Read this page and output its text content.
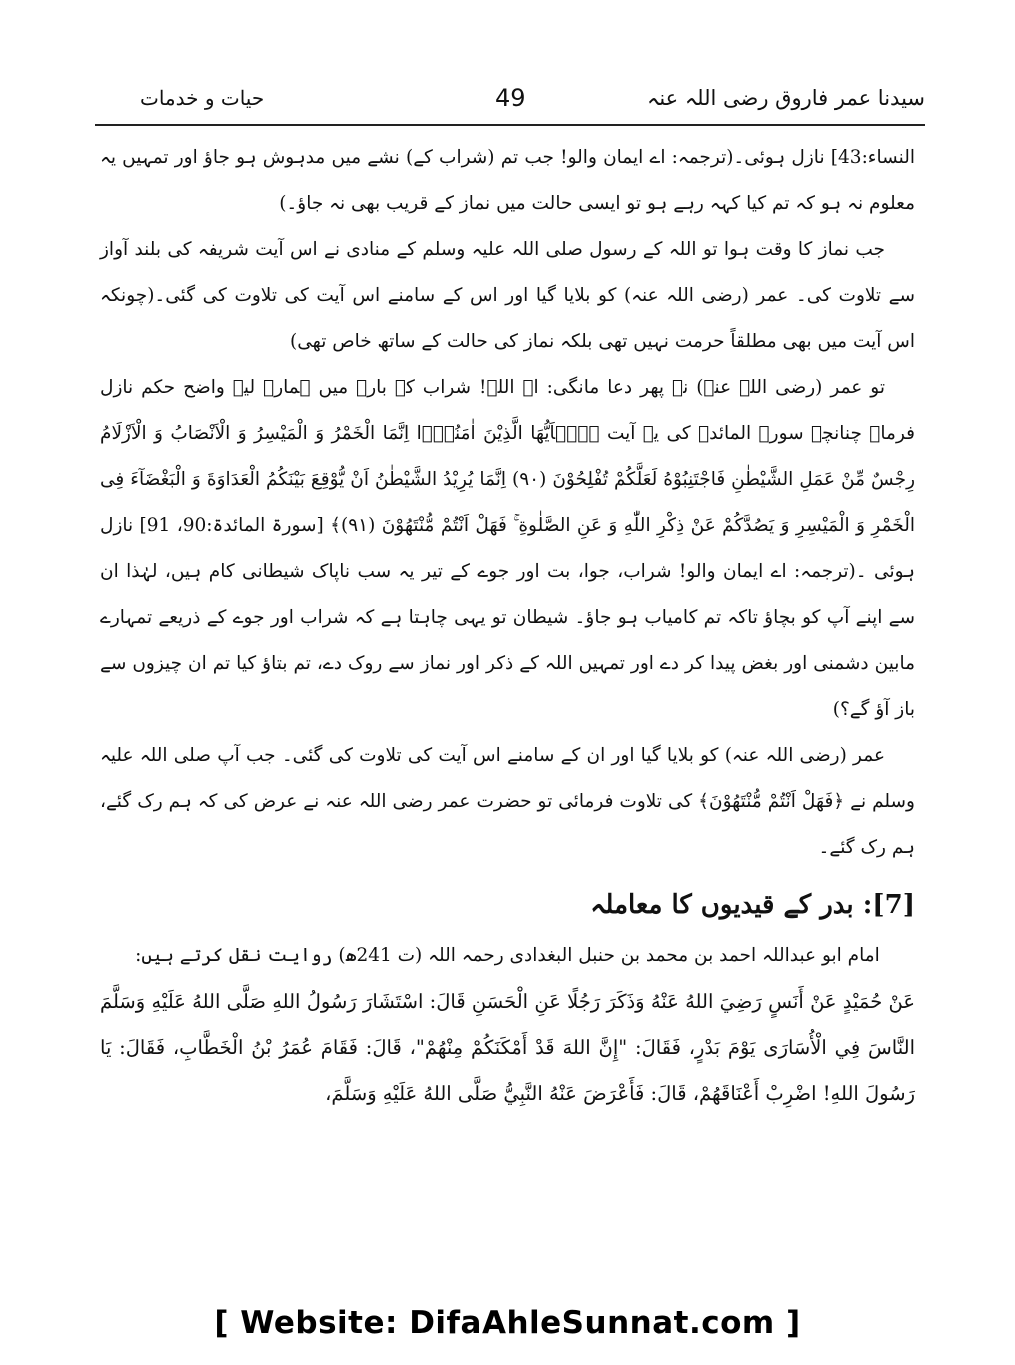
حیات و خدمات	49	سیدنا عمر فاروق رضی اللہ عنہ

النساء:43] نازل ہوئی۔(ترجمہ: اے ایمان والو! جب تم (شراب کے) نشے میں مدہوش ہو جاؤ اور تمہیں یہ معلوم نہ ہو کہ تم کیا کہہ رہے ہو تو ایسی حالت میں نماز کے قریب بھی نہ جاؤ۔)

جب نماز کا وقت ہوا تو اللہ کے رسول صلی اللہ علیہ وسلم کے منادی نے اس آیت شریفہ کی بلند آواز سے تلاوت کی۔ عمر (رضی اللہ عنہ) کو بلایا گیا اور اس کے سامنے اس آیت کی تلاوت کی گئی۔(چونکہ اس آیت میں بھی مطلقاً حرمت نہیں تھی بلکہ نماز کی حالت کے ساتھ خاص تھی)

تو عمر (رضی اللہ عنہ) نے پھر دعا مانگی: اے اللہ! شراب کے بارے میں ہمارے لیے واضح حکم نازل فرما۔ چنانچہ سورۃ المائدۃ کی یہ آیت ﴿یٰۤاَیُّهَا الَّذِیْنَ اٰمَنُوْۤا اِنَّمَا الْخَمْرُ وَ الْمَیْسِرُ وَ الْاَنْصَابُ وَ الْاَزْلَامُ رِجْسٌ مِّنْ عَمَلِ الشَّیْطٰنِ فَاجْتَنِبُوْهُ لَعَلَّكُمْ تُفْلِحُوْنَ (۹۰) اِنَّمَا یُرِیْدُ الشَّیْطٰنُ اَنْ یُّوْقِعَ بَیْنَكُمُ الْعَدَاوَةَ وَ الْبَغْضَآءَ فِی الْخَمْرِ وَ الْمَیْسِرِ وَ یَصُدَّكُمْ عَنْ ذِكْرِ اللّٰهِ وَ عَنِ الصَّلٰوةِ ۚ فَهَلْ اَنْتُمْ مُّنْتَهُوْنَ (۹۱)﴾ [سورۃ المائدۃ:90، 91] نازل ہوئی ۔(ترجمہ: اے ایمان والو! شراب، جوا، بت اور جوے کے تیر یہ سب ناپاک شیطانی کام ہیں، لہٰذا ان سے اپنے آپ کو بچاؤ تاکہ تم کامیاب ہو جاؤ۔ شیطان تو یہی چاہتا ہے کہ شراب اور جوے کے ذریعے تمہارے مابین دشمنی اور بغض پیدا کر دے اور تمہیں اللہ کے ذکر اور نماز سے روک دے، تم بتاؤ کیا تم ان چیزوں سے باز آؤ گے؟)

عمر (رضی اللہ عنہ) کو بلایا گیا اور ان کے سامنے اس آیت کی تلاوت کی گئی۔ جب آپ صلی اللہ علیہ وسلم نے ﴿فَهَلْ اَنْتُمْ مُّنْتَهُوْنَ﴾ کی تلاوت فرمائی تو حضرت عمر رضی اللہ عنہ نے عرض کی کہ ہم رک گئے، ہم رک گئے۔

[7]: بدر کے قیدیوں کا معاملہ

امام ابو عبداللہ احمد بن محمد بن حنبل البغدادی رحمہ اللہ (ت 241ھ) روایت نقل کرتے ہیں:

عَنْ حُمَيْدٍ عَنْ أَنَسٍ رَضِيَ اللهُ عَنْهُ وَذَكَرَ رَجُلًا عَنِ الْحَسَنِ قَالَ: اسْتَشَارَ رَسُولُ اللهِ صَلَّى اللهُ عَلَيْهِ وَسَلَّمَ النَّاسَ فِي الْأُسَارَى يَوْمَ بَدْرٍ، فَقَالَ: "إِنَّ اللهَ قَدْ أَمْكَنَكُمْ مِنْهُمْ"، قَالَ: فَقَامَ عُمَرُ بْنُ الْخَطَّابِ، فَقَالَ: يَا رَسُولَ اللهِ! اضْرِبْ أَعْنَاقَهُمْ، قَالَ: فَأَعْرَضَ عَنْهُ النَّبِيُّ صَلَّى اللهُ عَلَيْهِ وَسَلَّمَ،

[ Website: DifaAhleSunnat.com ]
